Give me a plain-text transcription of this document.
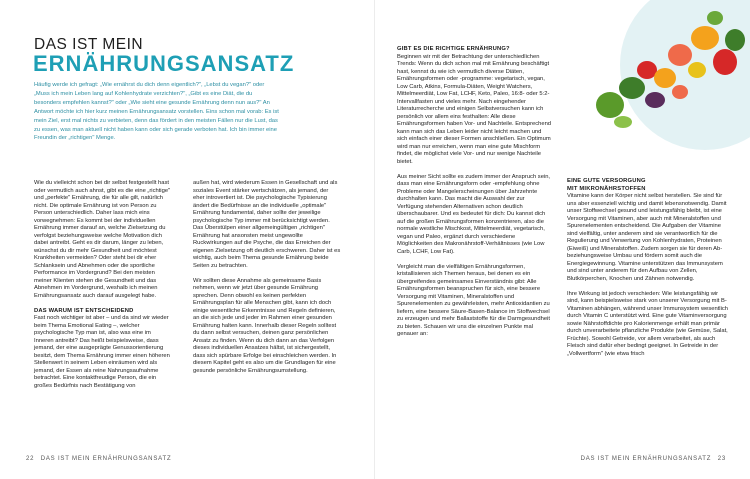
DAS IST MEIN
ERNÄHRUNGSANSATZ

Häufig werde ich gefragt: „Wie ernährst du dich denn eigentlich?", „Lebst du vegan?" oder „Muss ich mein Leben lang auf Kohlenhydrate verzichten?", „Gibt es eine Diät, die du besonders empfehlen kannst?" oder „Wie sieht eine gesunde Ernährung denn nun aus?" An Antwort möchte ich hier kurz meinen Ernährungsansatz vorstellen. Eins schon mal vorab: Es ist mein Ziel, erst mal nichts zu verbieten, denn das fördert in den meisten Fällen nur die Lust, das zu essen, was man aktuell nicht haben kann oder sich gerade verboten hat. Ich bin immer eine Freundin der „richtigen" Menge.

Wie du vielleicht schon bei dir selbst festgestellt hast oder vermutlich auch ahnst, gibt es die eine „richtige" und „perfekte" Ernährung, die für alle gilt, natürlich nicht. Die optimale Ernährung ist von Person zu Person unterschiedlich. Daher lass mich eins vorwegnehmen: Es kommt bei der individuellen Ernährung immer darauf an, welche Zielsetzung du verfolgst beziehungsweise welche Motivation dich dabei antreibt. Geht es dir darum, länger zu leben, wünschst du dir mehr Gesundheit und möchtest Krankheiten vermeiden? Oder steht bei dir eher Schlanksein und Abnehmen oder die sportliche Performance im Vordergrund? Bei den meisten meiner Klienten stehen die Gesundheit und das Abnehmen im Vordergrund, weshalb ich meinen Ernährungsansatz auch darauf ausgelegt habe.

DAS WARUM IST ENTSCHEIDEND

Fast noch wichtiger ist aber – und da sind wir wieder beim Thema Emotional Eating –, welcher psychologische Typ man ist, also was eine im Inneren antreibt? Das heißt beispielsweise, dass jemand, der eine ausgeprägte Genussorientierung besitzt, dem Thema Ernährung immer einen höheren Stellenwert in seinem Leben einräumen wird als jemand, der Essen als reine Nahrungsaufnahme betrachtet. Eine kontaktfreudige Person, die ein großes Bedürfnis nach Bestätigung von

außen hat, wird wiederum Essen in Gesellschaft und als soziales Event stärker wertschätzen, als jemand, der eher introvertiert ist. Die psychologische Typisierung ändert die Bedürfnisse an die individuelle „optimale" Ernährung fundamental, daher sollte der jeweilige psychologische Typ immer mit berücksichtigt werden. Das Überstülpen einer allgemeingültigen „richtigen" Ernährung hat ansonsten meist ungewollte Ruckwirkungen auf die Psyche, die das Erreichen der eigenen Zielsetzung oft deutlich erschweren. Daher ist es wichtig, auch beim Thema gesunde Ernährung beide Seiten zu betrachten.

Wir sollten diese Annahme als gemeinsame Basis nehmen, wenn wir jetzt über gesunde Ernährung sprechen. Denn obwohl es keinen perfekten Ernährungsplan für alle Menschen gibt, kann ich doch einige wesentliche Erkenntnisse und Regeln definieren, an die sich jede und jeder im Rahmen einer gesunden Ernährung halten kann. Innerhalb dieser Regeln solltest du dann selbst versuchen, deinen ganz persönlichen Ansatz zu finden. Wenn du dich dann an das Verfolgen dieses individuellen Ansatzes hältst, ist sichergestellt, dass sich spürbare Erfolge bei einschleichen werden. In diesem Kapitel geht es also um die Grundlagen für eine gesunde persönliche Ernährungsumstellung.

22 DAS IST MEIN ERNÄHRUNGSANSATZ
GIBT ES DIE RICHTIGE ERNÄHRUNG?

Beginnen wir mit der Betrachtung der unterschiedlichen Trends: Wenn du dich schon mal mit Ernährung beschäftigt hast, kennst du wie ich vermutlich diverse Diäten, Ernährungsformen oder -programme: vegetarisch, vegan, Low Carb, Atkins, Formula-Diäten, Weight Watchers, Mittelmeerdiät, Low Fat, LCHF, Keto, Paleo, 16:8- oder 5:2-Intervallfasten und vieles mehr. Nach eingehender Literaturrecherche und einigen Selbstversuchen kann ich persönlich vor allem eins festhalten: Alle diese Ernährungsformen haben Vor- und Nachteile. Entsprechend kann man sich das Leben leider nicht leicht machen und sich einfach einer dieser Formen anschließen. Ein Optimum wird man nur erreichen, wenn man eine gute Mischform findet, die möglichst viele Vor- und nur wenige Nachteile bietet.

Aus meiner Sicht sollte es zudem immer der Anspruch sein, dass man eine Ernährungsform oder -empfehlung ohne Probleme oder Mangelerscheinungen über Jahrzehnte durchhalten kann. Das macht die Auswahl der zur Verfügung stehenden Alternativen schon deutlich überschaubarer. Und es bedeutet für dich: Du kannst dich auf die großen Ernährungsformen konzentrieren, also die normale westliche Mischkost, Mittelmeerdiät, vegetarisch, vegan und Paleo, ergänzt durch verschiedene Möglichkeiten des Makronährstoff-Verhältnisses (wie Low Carb, LCHF, Low Fat).

Vergleicht man die vielfältigen Ernährungsformen, kristallisieren sich Themen heraus, bei denen es ein übergreifendes gemeinsames Einverständnis gibt: Alle Ernährungsformen beanspruchen für sich, eine bessere Versorgung mit Vitaminen, Mineralstoffen und Spurenelementen zu gewährleisten, mehr Antioxidantien zu liefern, eine bessere Säure-Basen-Balance im Stoffwechsel zu erzeugen und mehr Ballaststoffe für die Darmgesundheit zu bieten. Schauen wir uns die einzelnen Punkte mal genauer an:

EINE GUTE VERSORGUNG
MIT MIKRONÄHRSTOFFEN

Vitamine kann der Körper nicht selbst herstellen. Sie sind für uns aber essenziell wichtig und damit lebensnotwendig. Damit unser Stoffwechsel gesund und leistungsfähig bleibt, ist eine Versorgung mit Vitaminen, aber auch mit Mineralstoffen und Spurenelementen entscheidend. Die Aufgaben der Vitamine sind vielfältig, unter anderem sind sie verantwortlich für die Regulierung und Verwertung von Kohlenhydraten, Proteinen (Eiweiß) und Mineralstoffen. Zudem sorgen sie für deren Ab- beziehungsweise Umbau und fördern somit auch die Energiegewinnung. Vitamine unterstützen das Immunsystem und sind unter anderem für den Aufbau von Zellen, Blutkörperchen, Knochen und Zähnen notwendig.

Ihre Wirkung ist jedoch verschieden: Wie leistungsfähig wir sind, kann beispielsweise stark von unserer Versorgung mit B-Vitaminen abhängen, während unser Immunsystem wesentlich durch Vitamin C unterstützt wird. Eine gute Vitaminversorgung sowie Nährstoffdichte pro Kalorienmenge erhält man primär durch unverarbeitete pflanzliche Produkte (wie Gemüse, Salat, Früchte). Sowohl Getreide, vor allem verarbeitet, als auch Fleisch sind dafür eher bedingt geeignet. In Getreide in der „Vollwertform" (wie etwa frisch

DAS IST MEIN ERNÄHRUNGSANSATZ 23
